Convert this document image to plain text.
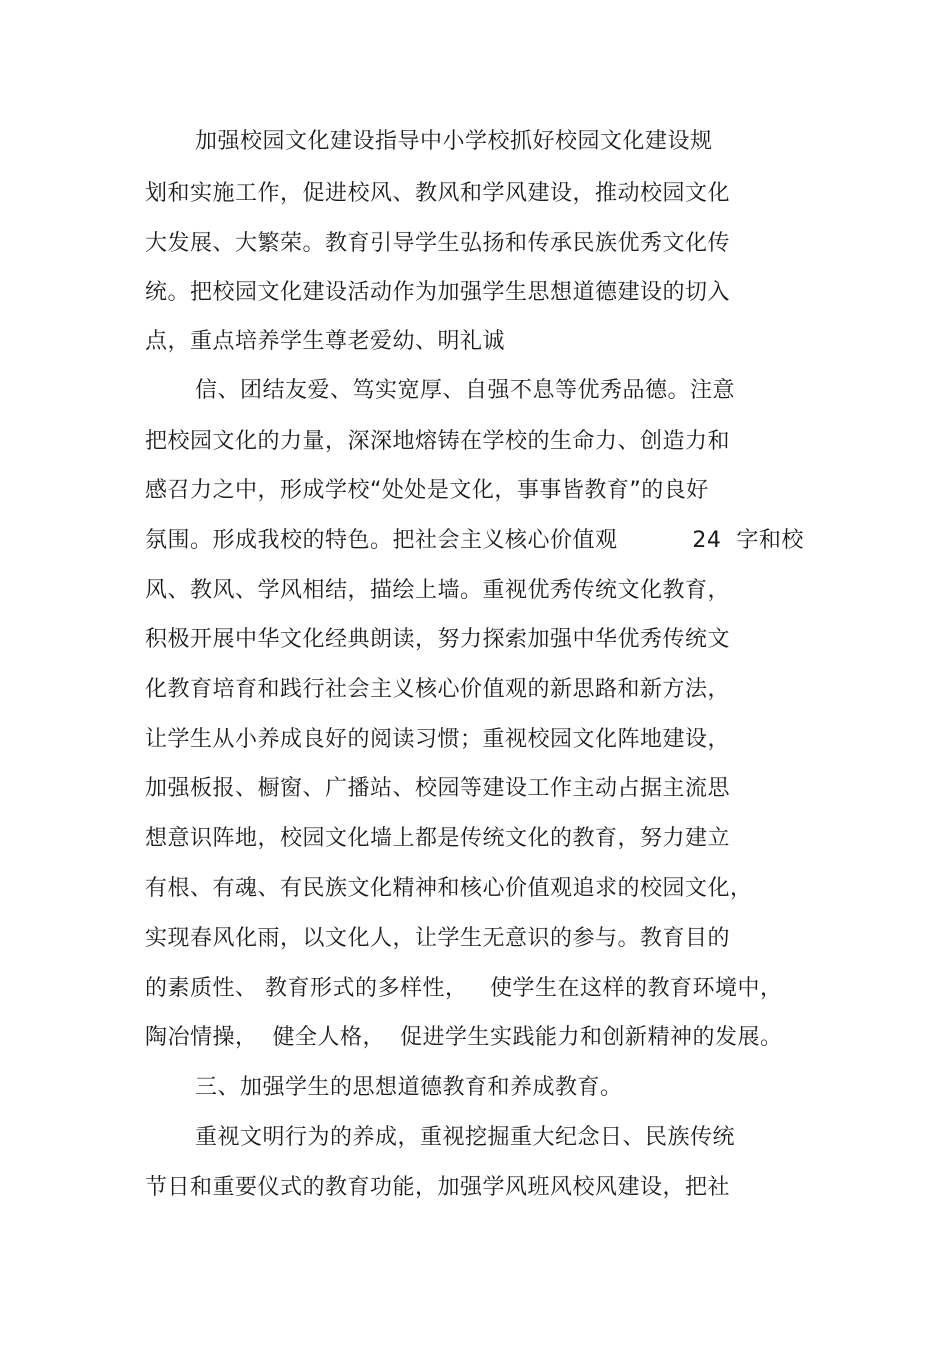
加强校园文化建设指导中小学校抓好校园文化建设规
划和实施工作，促进校风、教风和学风建设，推动校园文化
大发展、大繁荣。教育引导学生弘扬和传承民族优秀文化传
统。把校园文化建设活动作为加强学生思想道德建设的切入
点，重点培养学生尊老爱幼、明礼诚
信、团结友爱、笃实宽厚、自强不息等优秀品德。注意
把校园文化的力量，深深地熔铸在学校的生命力、创造力和
感召力之中，形成学校“处处是文化，事事皆教育”的良好
氛围。形成我校的特色。把社会主义核心价值观          24  字和校
风、教风、学风相结，描绘上墙。重视优秀传统文化教育，
积极开展中华文化经典朗读，努力探索加强中华优秀传统文
化教育培育和践行社会主义核心价值观的新思路和新方法，
让学生从小养成良好的阅读习惯；重视校园文化阵地建设，
加强板报、橱窗、广播站、校园等建设工作主动占据主流思
想意识阵地，校园文化墙上都是传统文化的教育，努力建立
有根、有魂、有民族文化精神和核心价值观追求的校园文化，
实现春风化雨，以文化人，让学生无意识的参与。教育目的
的素质性、 教育形式的多样性，   使学生在这样的教育环境中，
陶冶情操，  健全人格，  促进学生实践能力和创新精神的发展。
三、加强学生的思想道德教育和养成教育。
重视文明行为的养成，重视挖掘重大纪念日、民族传统
节日和重要仪式的教育功能，加强学风班风校风建设，把社
